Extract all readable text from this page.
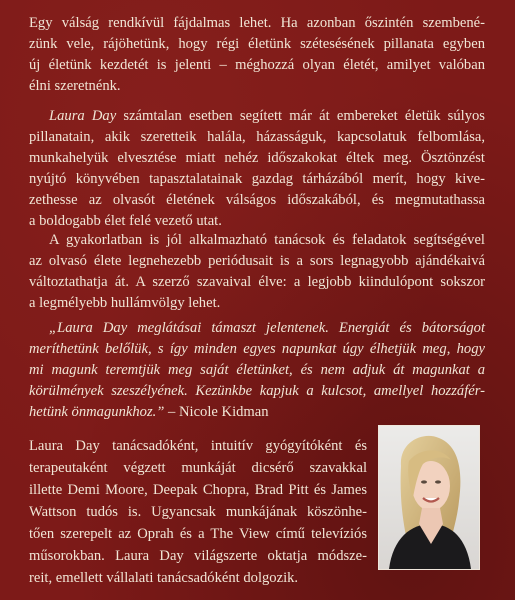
Egy válság rendkívül fájdalmas lehet. Ha azonban őszintén szembené-
zünk vele, rájöhetünk, hogy régi életünk szétesésének pillanata egyben
új életünk kezdetét is jelenti – méghozzá olyan életét, amilyet valóban
élni szeretnénk.
Laura Day számtalan esetben segített már át embereket életük súlyos
pillanatain, akik szeretteik halála, házasságuk, kapcsolatuk felbomlása,
munkahelyük elvesztése miatt nehéz időszakokat éltek meg. Ösztönzést
nyújtó könyvében tapasztalatainak gazdag tárházából merít, hogy kive-
zethesse az olvasót életének válságos időszakából, és megmutathassa
a boldogabb élet felé vezető utat.
A gyakorlatban is jól alkalmazható tanácsok és feladatok segítségével
az olvasó élete legnehezebb periódusait is a sors legnagyobb ajándékaivá
változtathatja át. A szerző szavaival élve: a legjobb kiindulópont sokszor
a legmélyebb hullámvölgy lehet.
„Laura Day meglátásai támaszt jelentenek. Energiát és bátorságot
meríthetünk belőlük, s így minden egyes napunkat úgy élhetjük meg, hogy
mi magunk teremtjük meg saját életünket, és nem adjuk át magunkat a
körülmények szeszélyének. Kezünkbe kapjuk a kulcsot, amellyel hozzáfér-
hetünk önmagunkhoz.” – Nicole Kidman
Laura Day tanácsadóként, intuitív gyógyítóként és
terapeutaként végzett munkáját dicsérő szavakkal
illette Demi Moore, Deepak Chopra, Brad Pitt és James
Wattson tudós is. Ugyancsak munkájának köszönhe-
tően szerepelt az Oprah és a The View című televíziós
műsorokban. Laura Day világszerte oktatja módsze-
reit, emellett vállalati tanácsadóként dolgozik.
